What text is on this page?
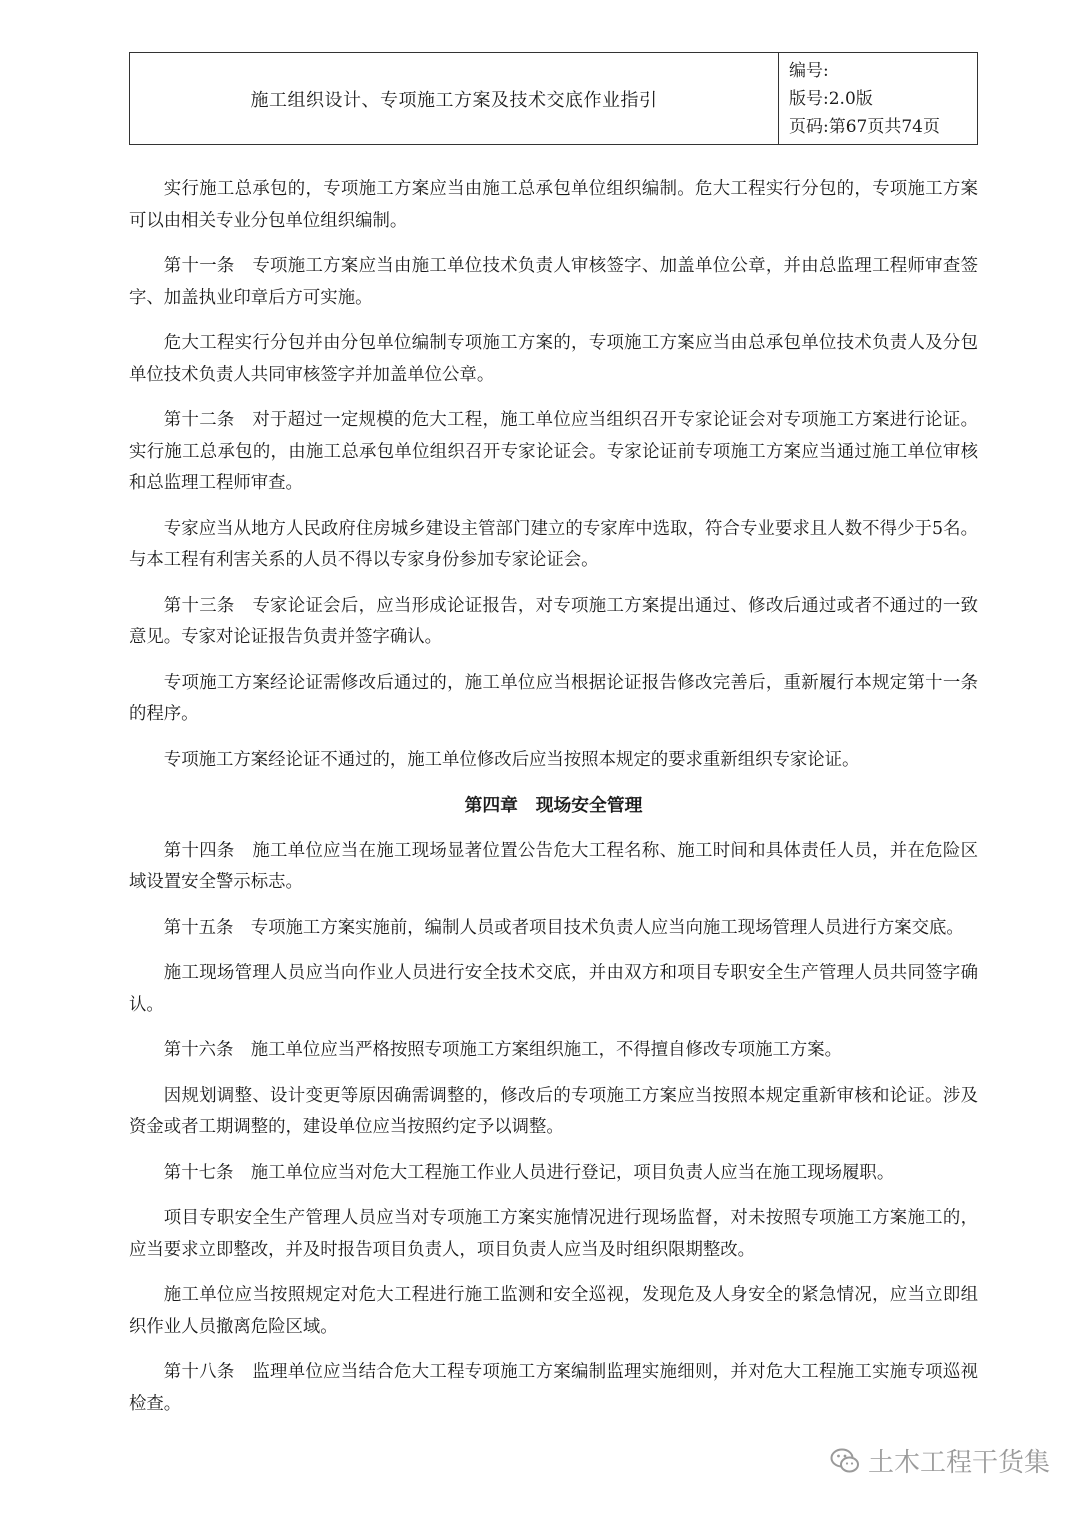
施工组织设计、专项施工方案及技术交底作业指引
编号:
版号:2.0版
页码:第67页共74页

实行施工总承包的，专项施工方案应当由施工总承包单位组织编制。危大工程实行分包的，专项施工方案可以由相关专业分包单位组织编制。

第十一条　专项施工方案应当由施工单位技术负责人审核签字、加盖单位公章，并由总监理工程师审查签字、加盖执业印章后方可实施。

危大工程实行分包并由分包单位编制专项施工方案的，专项施工方案应当由总承包单位技术负责人及分包单位技术负责人共同审核签字并加盖单位公章。

第十二条　对于超过一定规模的危大工程，施工单位应当组织召开专家论证会对专项施工方案进行论证。实行施工总承包的，由施工总承包单位组织召开专家论证会。专家论证前专项施工方案应当通过施工单位审核和总监理工程师审查。

专家应当从地方人民政府住房城乡建设主管部门建立的专家库中选取，符合专业要求且人数不得少于5名。与本工程有利害关系的人员不得以专家身份参加专家论证会。

第十三条　专家论证会后，应当形成论证报告，对专项施工方案提出通过、修改后通过或者不通过的一致意见。专家对论证报告负责并签字确认。

专项施工方案经论证需修改后通过的，施工单位应当根据论证报告修改完善后，重新履行本规定第十一条的程序。

专项施工方案经论证不通过的，施工单位修改后应当按照本规定的要求重新组织专家论证。

第四章　现场安全管理

第十四条　施工单位应当在施工现场显著位置公告危大工程名称、施工时间和具体责任人员，并在危险区域设置安全警示标志。

第十五条　专项施工方案实施前，编制人员或者项目技术负责人应当向施工现场管理人员进行方案交底。

施工现场管理人员应当向作业人员进行安全技术交底，并由双方和项目专职安全生产管理人员共同签字确认。

第十六条　施工单位应当严格按照专项施工方案组织施工，不得擅自修改专项施工方案。

因规划调整、设计变更等原因确需调整的，修改后的专项施工方案应当按照本规定重新审核和论证。涉及资金或者工期调整的，建设单位应当按照约定予以调整。

第十七条　施工单位应当对危大工程施工作业人员进行登记，项目负责人应当在施工现场履职。

项目专职安全生产管理人员应当对专项施工方案实施情况进行现场监督，对未按照专项施工方案施工的，应当要求立即整改，并及时报告项目负责人，项目负责人应当及时组织限期整改。

施工单位应当按照规定对危大工程进行施工监测和安全巡视，发现危及人身安全的紧急情况，应当立即组织作业人员撤离危险区域。

第十八条　监理单位应当结合危大工程专项施工方案编制监理实施细则，并对危大工程施工实施专项巡视检查。

土木工程干货集
